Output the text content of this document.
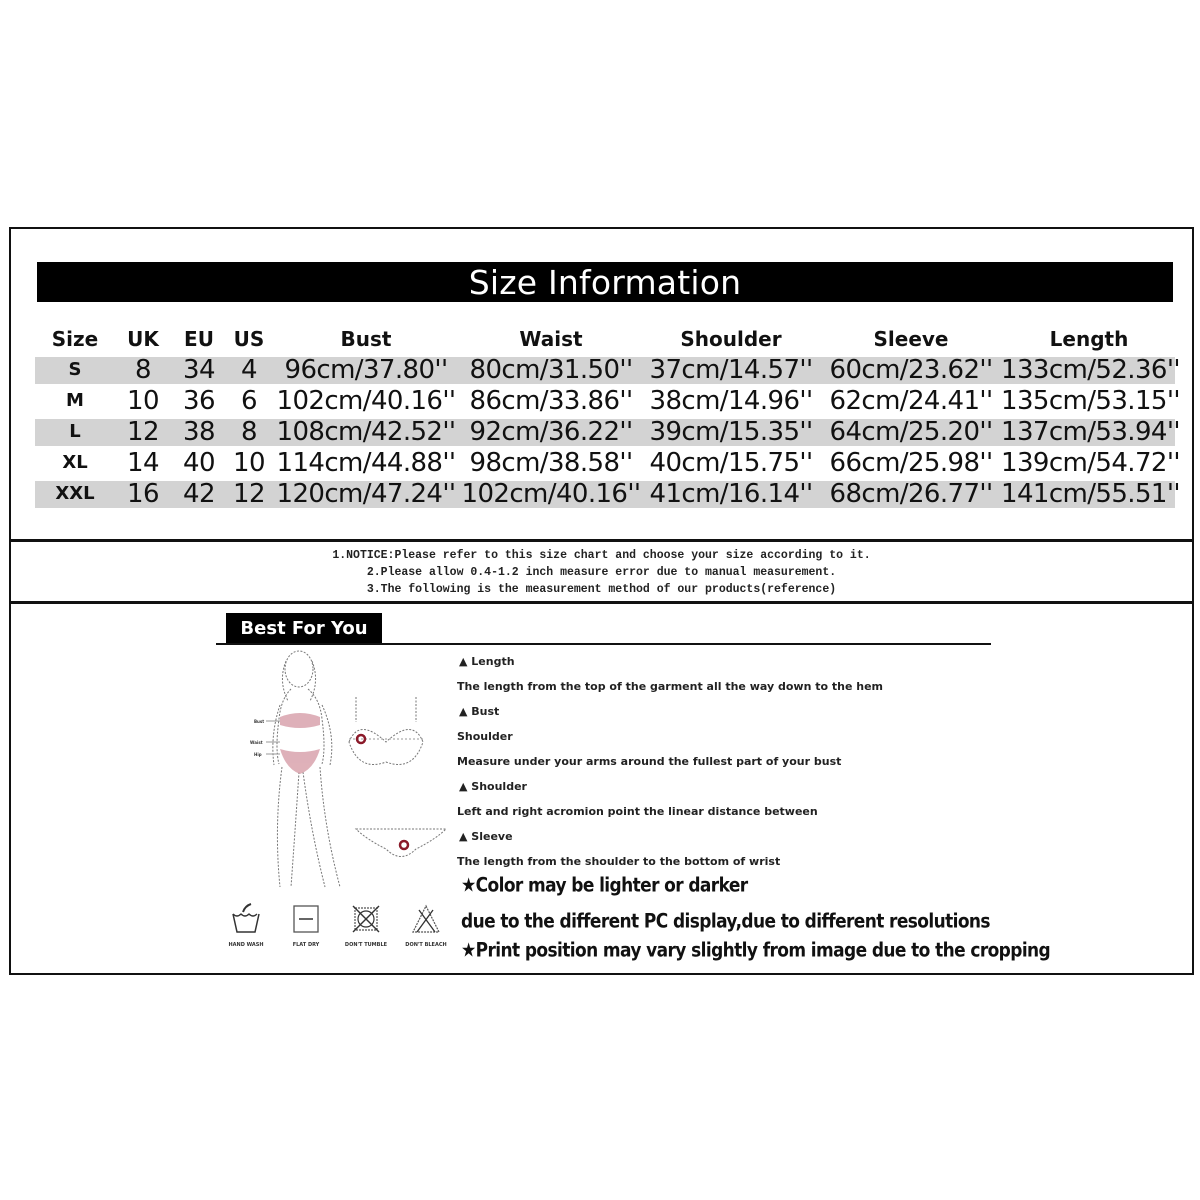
Size Information
Size	UK	EU US	Bust	Waist	Shoulder	Sleeve	Length
S	8	34	4	96cm/37.80'' 80cm/31.50'' 37cm/14.57'' 60cm/23.62'' 133cm/52.36''
M	10 36	6 102cm/40.16'' 86cm/33.86'' 38cm/14.96'' 62cm/24.41'' 135cm/53.15''
L	12 38	8 108cm/42.52'' 92cm/36.22'' 39cm/15.35'' 64cm/25.20'' 137cm/53.94''
XL	14 40 10 114cm/44.88'' 98cm/38.58'' 40cm/15.75'' 66cm/25.98'' 139cm/54.72''
XXL	16 42 12 120cm/47.24'' 102cm/40.16'' 41cm/16.14'' 68cm/26.77'' 141cm/55.51''
1.NOTICE:Please refer to this size chart and choose your size according to it.
2.Please allow 0.4-1.2 inch measure error due to manual measurement.
3.The following is the measurement method of our products(reference)
Best For You
Bust
Waist
Hip
▲ Length
The length from the top of the garment all the way down to the hem
▲ Bust
Shoulder
Measure under your arms around the fullest part of your bust
▲ Shoulder
Left and right acromion point the linear distance between
▲ Sleeve
The length from the shoulder to the bottom of wrist
★Color may be lighter or darker
due to the different PC display,due to different resolutions
★Print position may vary slightly from image due to the cropping
HAND WASH	FLAT DRY	DON'T TUMBLE	DON'T BLEACH
